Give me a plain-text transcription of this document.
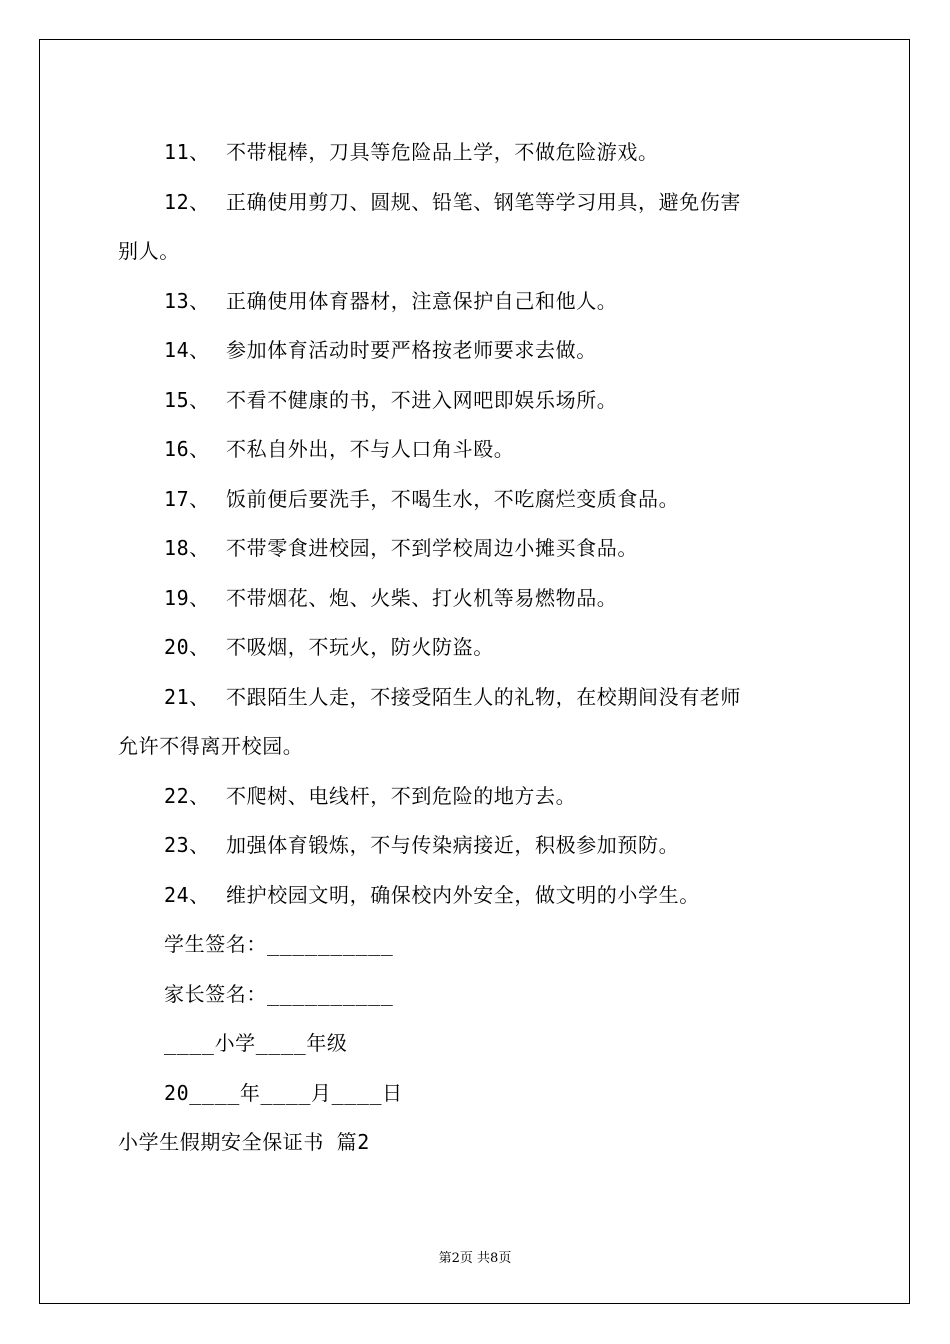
11、 不带棍棒，刀具等危险品上学，不做危险游戏。
12、 正确使用剪刀、圆规、铅笔、钢笔等学习用具，避免伤害
别人。
13、 正确使用体育器材，注意保护自己和他人。
14、 参加体育活动时要严格按老师要求去做。
15、 不看不健康的书，不进入网吧即娱乐场所。
16、 不私自外出，不与人口角斗殴。
17、 饭前便后要洗手，不喝生水，不吃腐烂变质食品。
18、 不带零食进校园，不到学校周边小摊买食品。
19、 不带烟花、炮、火柴、打火机等易燃物品。
20、 不吸烟，不玩火，防火防盗。
21、 不跟陌生人走，不接受陌生人的礼物，在校期间没有老师
允许不得离开校园。
22、 不爬树、电线杆，不到危险的地方去。
23、 加强体育锻炼，不与传染病接近，积极参加预防。
24、 维护校园文明，确保校内外安全，做文明的小学生。
学生签名：__________
家长签名：__________
____小学____年级
20____年____月____日
小学生假期安全保证书 篇2
第2页 共8页
